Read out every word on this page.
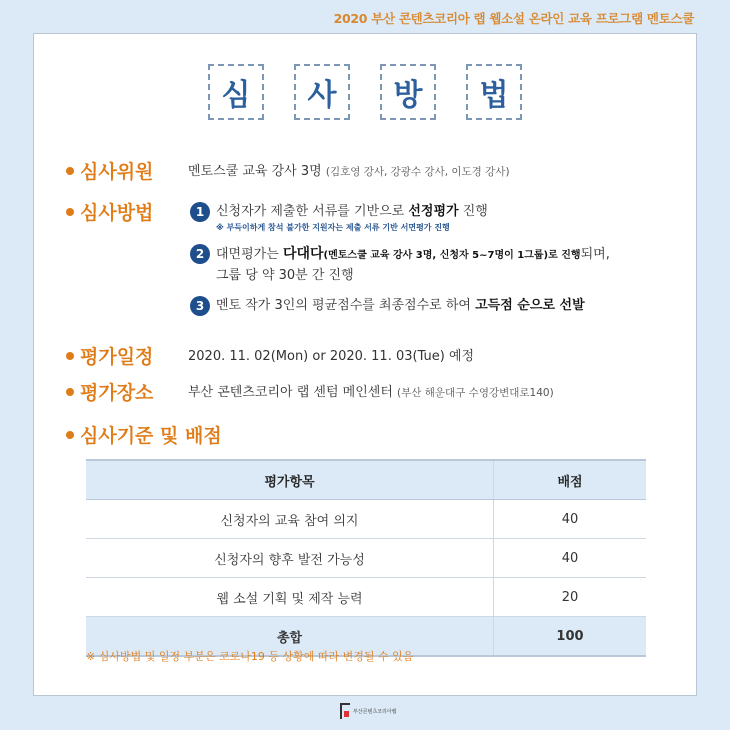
2020 부산 콘텐츠코리아 랩 웹소설 온라인 교육 프로그램 멘토스쿨
심	사	방	법
심사위원	멘토스쿨 교육 강사 3명 (김호영 강사, 강광수 강사, 이도경 강사)
심사방법	1 신청자가 제출한 서류를 기반으로 선정평가 진행
※ 부득이하게 참석 불가한 지원자는 제출 서류 기반 서면평가 진행
2 대면평가는 다대다(멘토스쿨 교육 강사 3명, 신청자 5~7명이 1그룹)로 진행되며,
그룹 당 약 30분 간 진행
3 멘토 작가 3인의 평균점수를 최종점수로 하여 고득점 순으로 선발
평가일정	2020. 11. 02(Mon) or 2020. 11. 03(Tue) 예정
평가장소	부산 콘텐츠코리아 랩 센텀 메인센터 (부산 해운대구 수영강변대로140)
심사기준 및 배점
평가항목	배점
신청자의 교육 참여 의지	40
신청자의 향후 발전 가능성	40
웹 소설 기획 및 제작 능력	20
총합	100
※ 심사방법 및 일정 부분은 코로나19 등 상황에 따라 변경될 수 있음
부산콘텐츠코리아랩
